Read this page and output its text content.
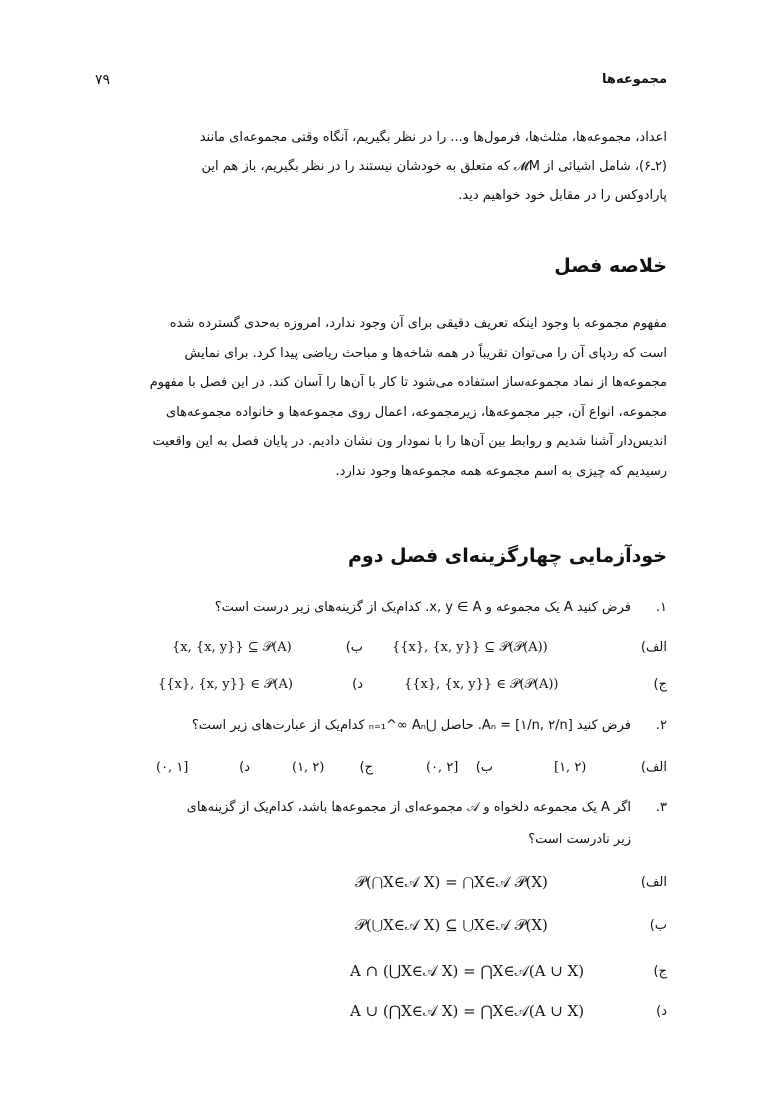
مجموعه‌ها
۷۹

اعداد، مجموعه‌ها، مثلث‌ها، فرمول‌ها و... را در نظر بگیریم، آنگاه وقتی مجموعه‌ای مانند

(۲ـ۶)، شامل اشیائی از 𝓜M که متعلق به خودشان نیستند را در نظر بگیریم، باز هم این

پارادوکس را در مقابل خود خواهیم دید.

خلاصه فصل

مفهوم مجموعه با وجود اینکه تعریف دقیقی برای آن وجود ندارد، امروزه به‌حدی گسترده شده

است که ردپای آن را می‌توان تقریباً در همه شاخه‌ها و مباحث ریاضی پیدا کرد. برای نمایش

مجموعه‌ها از نماد مجموعه‌ساز استفاده می‌شود تا کار با آن‌ها را آسان کند. در این فصل با مفهوم

مجموعه، انواع آن، جبر مجموعه‌ها، زیرمجموعه، اعمال روی مجموعه‌ها و خانواده مجموعه‌های

اندیس‌دار آشنا شدیم و روابط بین آن‌ها را با نمودار ون نشان دادیم. در پایان فصل به این واقعیت

رسیدیم که چیزی به اسم مجموعه همه مجموعه‌ها وجود ندارد.

خودآزمایی چهارگزینه‌ای فصل دوم
۱.
فرض کنید A یک مجموعه و x, y ∈ A. کدام‌یک از گزینه‌های زیر درست است؟
الف)
{{x}, {x, y}} ⊆ 𝒫(𝒫(A))
ب)
{x, {x, y}} ⊆ 𝒫(A)
ج)
{{x}, {x, y}} ∈ 𝒫(𝒫(A))
د)
{{x}, {x, y}} ∈ 𝒫(A)
۲.
فرض کنید Aₙ = [۱/n, ۲/n]. حاصل ⋃ₙ₌₁^∞ Aₙ کدام‌یک از عبارت‌های زیر است؟
الف)
[۱, ۲)
ب)
(۰, ۲]
ج)
(۱, ۲)
د)
(۰, ۱]
۳.
اگر A یک مجموعه دلخواه و 𝒜 مجموعه‌ای از مجموعه‌ها باشد، کدام‌یک از گزینه‌های
زیر نادرست است؟
الف)
𝒫(⋂X∈𝒜 X) = ⋂X∈𝒜 𝒫(X)
ب)
𝒫(⋃X∈𝒜 X) ⊆ ⋃X∈𝒜 𝒫(X)
ج)
A ∩ (⋃X∈𝒜 X) = ⋂X∈𝒜(A ∪ X)
د)
A ∪ (⋂X∈𝒜 X) = ⋂X∈𝒜(A ∪ X)
